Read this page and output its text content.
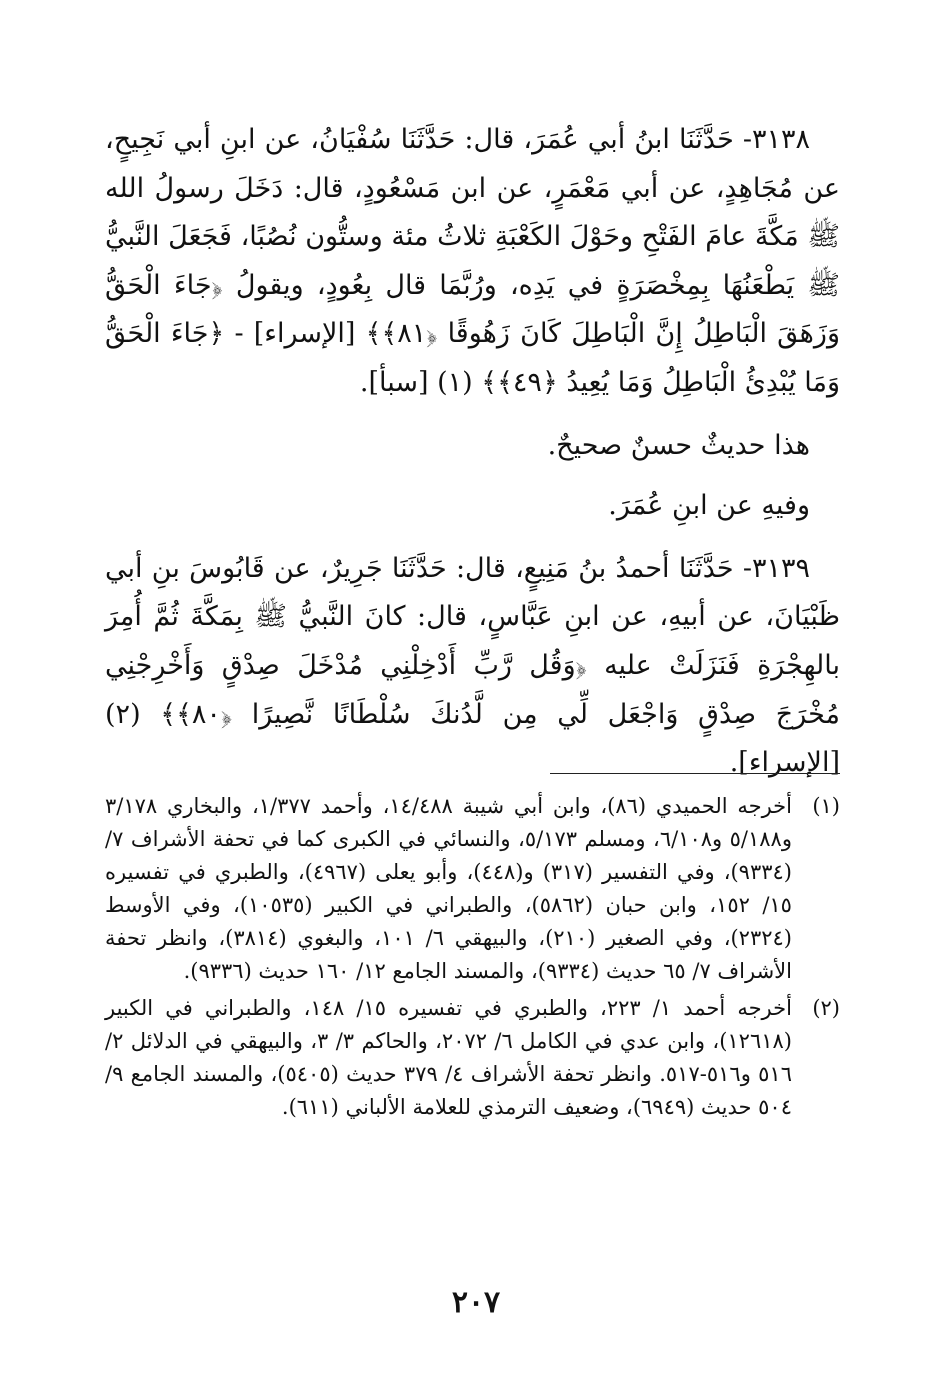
٣١٣٨- حَدَّثَنَا ابنُ أبي عُمَرَ، قال: حَدَّثَنَا سُفْيَانُ، عن ابنِ أبي نَجِيحٍ، عن مُجَاهِدٍ، عن أبي مَعْمَرٍ، عن ابن مَسْعُودٍ، قال: دَخَلَ رسولُ الله ﷺ مَكَّةَ عامَ الفَتْحِ وحَوْلَ الكَعْبَةِ ثلاثُ مئة وستُّون نُصُبًا، فَجَعَلَ النَّبيُّ ﷺ يَطْعَنُهَا بِمِخْصَرَةٍ في يَدِه، ورُبَّمَا قال بِعُودٍ، ويقولُ ﴿جَاءَ الْحَقُّ وَزَهَقَ الْبَاطِلُ إِنَّ الْبَاطِلَ كَانَ زَهُوقًا ﴿٨١﴾﴾ [الإسراء] - ﴿جَاءَ الْحَقُّ وَمَا يُبْدِئُ الْبَاطِلُ وَمَا يُعِيدُ ﴿٤٩﴾﴾ (١) [سبأ].

هذا حديثٌ حسنٌ صحيحٌ.

وفيهِ عن ابنِ عُمَرَ.

٣١٣٩- حَدَّثَنَا أحمدُ بنُ مَنِيعٍ، قال: حَدَّثَنَا جَرِيرٌ، عن قَابُوسَ بنِ أبي ظَبْيَانَ، عن أبيهِ، عن ابنِ عَبَّاسٍ، قال: كانَ النَّبيُّ ﷺ بِمَكَّةَ ثُمَّ أُمِرَ بالهِجْرَةِ فَنَزَلَتْ عليه ﴿وَقُل رَّبِّ أَدْخِلْنِي مُدْخَلَ صِدْقٍ وَأَخْرِجْنِي مُخْرَجَ صِدْقٍ وَاجْعَل لِّي مِن لَّدُنكَ سُلْطَانًا نَّصِيرًا ﴿٨٠﴾﴾ (٢) [الإسراء].

(١)
أخرجه الحميدي (٨٦)، وابن أبي شيبة ١٤/٤٨٨، وأحمد ١/٣٧٧، والبخاري ٣/١٧٨ و٥/١٨٨ و٦/١٠٨، ومسلم ٥/١٧٣، والنسائي في الكبرى كما في تحفة الأشراف ٧/ (٩٣٣٤)، وفي التفسير (٣١٧) و(٤٤٨)، وأبو يعلى (٤٩٦٧)، والطبري في تفسيره ١٥/ ١٥٢، وابن حبان (٥٨٦٢)، والطبراني في الكبير (١٠٥٣٥)، وفي الأوسط (٢٣٢٤)، وفي الصغير (٢١٠)، والبيهقي ٦/ ١٠١، والبغوي (٣٨١٤)، وانظر تحفة الأشراف ٧/ ٦٥ حديث (٩٣٣٤)، والمسند الجامع ١٢/ ١٦٠ حديث (٩٣٣٦).
(٢)
أخرجه أحمد ١/ ٢٢٣، والطبري في تفسيره ١٥/ ١٤٨، والطبراني في الكبير (١٢٦١٨)، وابن عدي في الكامل ٦/ ٢٠٧٢، والحاكم ٣/ ٣، والبيهقي في الدلائل ٢/ ٥١٦ و٥١٦-٥١٧. وانظر تحفة الأشراف ٤/ ٣٧٩ حديث (٥٤٠٥)، والمسند الجامع ٩/ ٥٠٤ حديث (٦٩٤٩)، وضعيف الترمذي للعلامة الألباني (٦١١).
٢٠٧
